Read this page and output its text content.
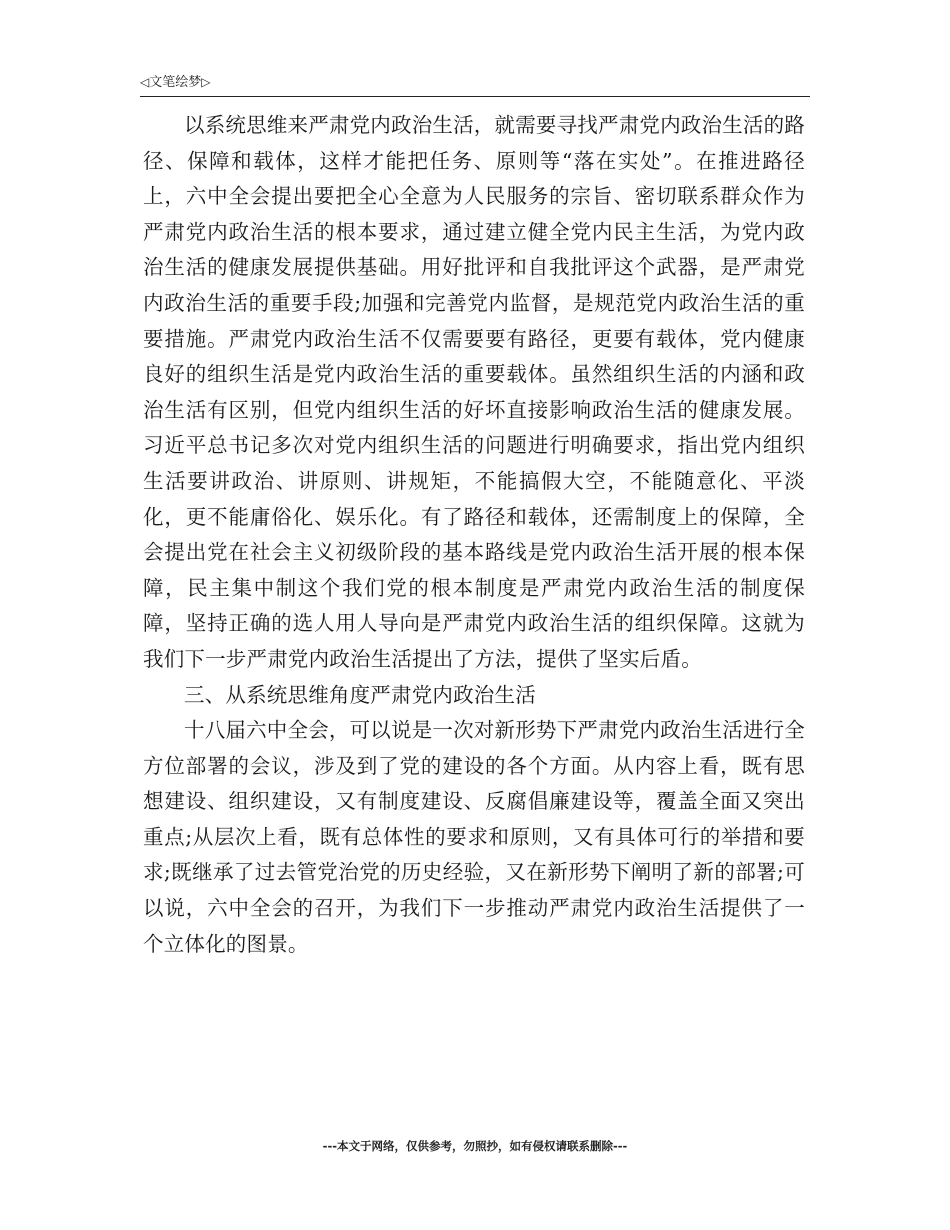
◁文笔绘梦▷

以系统思维来严肃党内政治生活，就需要寻找严肃党内政治生活的路径、保障和载体，这样才能把任务、原则等“落在实处”。在推进路径上，六中全会提出要把全心全意为人民服务的宗旨、密切联系群众作为严肃党内政治生活的根本要求，通过建立健全党内民主生活，为党内政治生活的健康发展提供基础。用好批评和自我批评这个武器，是严肃党内政治生活的重要手段;加强和完善党内监督，是规范党内政治生活的重要措施。严肃党内政治生活不仅需要要有路径，更要有载体，党内健康良好的组织生活是党内政治生活的重要载体。虽然组织生活的内涵和政治生活有区别，但党内组织生活的好坏直接影响政治生活的健康发展。习近平总书记多次对党内组织生活的问题进行明确要求，指出党内组织生活要讲政治、讲原则、讲规矩，不能搞假大空，不能随意化、平淡化，更不能庸俗化、娱乐化。有了路径和载体，还需制度上的保障，全会提出党在社会主义初级阶段的基本路线是党内政治生活开展的根本保障，民主集中制这个我们党的根本制度是严肃党内政治生活的制度保障，坚持正确的选人用人导向是严肃党内政治生活的组织保障。这就为我们下一步严肃党内政治生活提出了方法，提供了坚实后盾。

三、从系统思维角度严肃党内政治生活

十八届六中全会，可以说是一次对新形势下严肃党内政治生活进行全方位部署的会议，涉及到了党的建设的各个方面。从内容上看，既有思想建设、组织建设，又有制度建设、反腐倡廉建设等，覆盖全面又突出重点;从层次上看，既有总体性的要求和原则，又有具体可行的举措和要求;既继承了过去管党治党的历史经验，又在新形势下阐明了新的部署;可以说，六中全会的召开，为我们下一步推动严肃党内政治生活提供了一个立体化的图景。

---本文于网络，仅供参考，勿照抄，如有侵权请联系删除---
